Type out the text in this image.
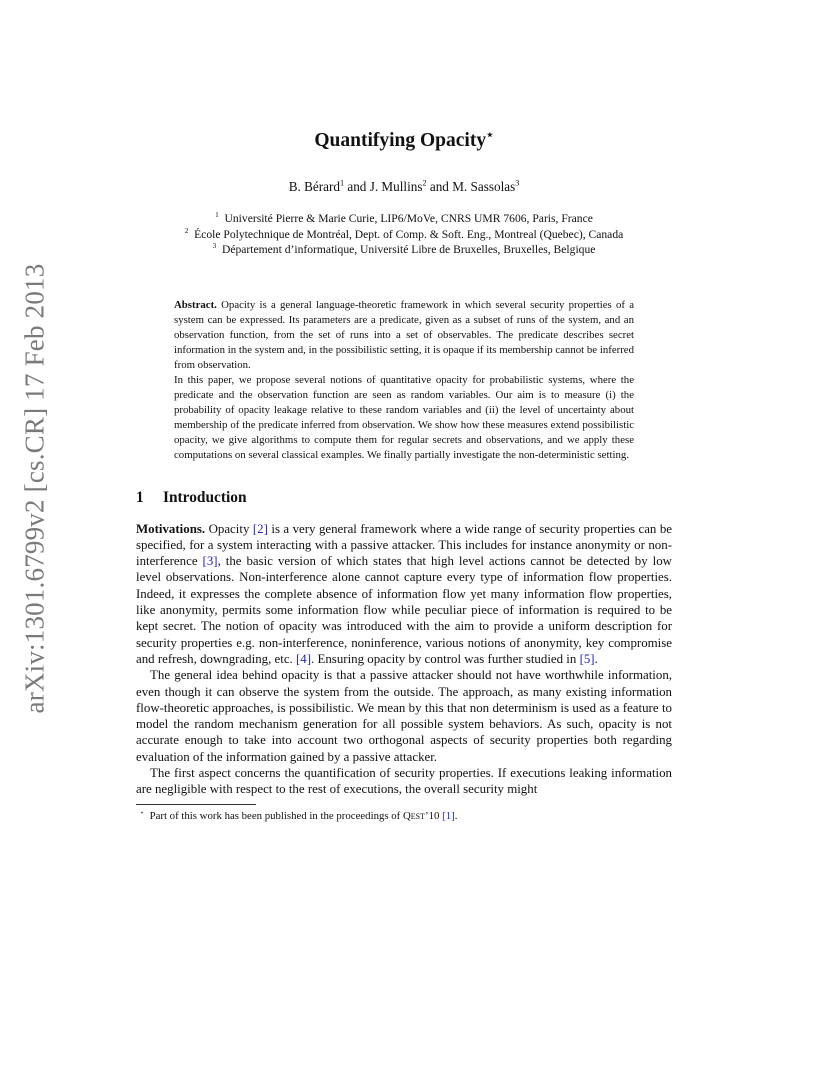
arXiv:1301.6799v2 [cs.CR] 17 Feb 2013
Quantifying Opacity⋆
B. Bérard$^1$ and J. Mullins$^2$ and M. Sassolas$^3$

$^1$ Université Pierre & Marie Curie, LIP6/MoVe, CNRS UMR 7606, Paris, France

$^2$ École Polytechnique de Montréal, Dept. of Comp. & Soft. Eng., Montreal (Quebec), Canada

$^3$ Département d’informatique, Université Libre de Bruxelles, Bruxelles, Belgique

Abstract. Opacity is a general language-theoretic framework in which several security properties of a system can be expressed. Its parameters are a predicate, given as a subset of runs of the system, and an observation function, from the set of runs into a set of observables. The predicate describes secret information in the system and, in the possibilistic setting, it is opaque if its membership cannot be inferred from observation.

In this paper, we propose several notions of quantitative opacity for probabilistic systems, where the predicate and the observation function are seen as random variables. Our aim is to measure (i) the probability of opacity leakage relative to these random variables and (ii) the level of uncertainty about membership of the predicate inferred from observation. We show how these measures extend possibilistic opacity, we give algorithms to compute them for regular secrets and observations, and we apply these computations on several classical examples. We finally partially investigate the non-deterministic setting.

1 Introduction

Motivations. Opacity [2] is a very general framework where a wide range of security properties can be specified, for a system interacting with a passive attacker. This includes for instance anonymity or non-interference [3], the basic version of which states that high level actions cannot be detected by low level observations. Non-interference alone cannot capture every type of information flow properties. Indeed, it expresses the complete absence of information flow yet many information flow properties, like anonymity, permits some information flow while peculiar piece of information is required to be kept secret. The notion of opacity was introduced with the aim to provide a uniform description for security properties e.g. non-interference, noninference, various notions of anonymity, key compromise and refresh, downgrading, etc. [4]. Ensuring opacity by control was further studied in [5].

The general idea behind opacity is that a passive attacker should not have worthwhile information, even though it can observe the system from the outside. The approach, as many existing information flow-theoretic approaches, is possibilistic. We mean by this that non determinism is used as a feature to model the random mechanism generation for all possible system behaviors. As such, opacity is not accurate enough to take into account two orthogonal aspects of security properties both regarding evaluation of the information gained by a passive attacker.

The first aspect concerns the quantification of security properties. If executions leaking information are negligible with respect to the rest of executions, the overall security might

⋆ Part of this work has been published in the proceedings of Qest’10 [1].
